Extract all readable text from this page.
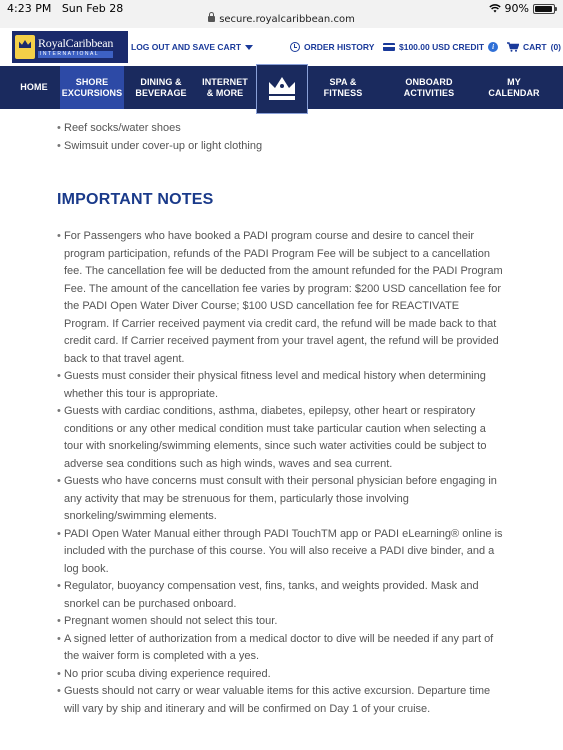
4:23 PM Sun Feb 28
secure.royalcaribbean.com
90%
RoyalCaribbean
INTERNATIONAL
LOG OUT AND SAVE CART	ORDER HISTORY	$100.00 USD CREDIT	i	CART (0)
HOME
SHORE
EXCURSIONS
DINING &
BEVERAGE
INTERNET
& MORE
SPA &
FITNESS
ONBOARD
ACTIVITIES
MY
CALENDAR
• Reef socks/water shoes
• Swimsuit under cover-up or light clothing
IMPORTANT NOTES
• For Passengers who have booked a PADI program course and desire to cancel their program participation, refunds of the PADI Program Fee will be subject to a cancellation fee. The cancellation fee will be deducted from the amount refunded for the PADI Program Fee. The amount of the cancellation fee varies by program: $200 USD cancellation fee for the PADI Open Water Diver Course; $100 USD cancellation fee for REACTIVATE Program. If Carrier received payment via credit card, the refund will be made back to that credit card. If Carrier received payment from your travel agent, the refund will be provided back to that travel agent.
• Guests must consider their physical fitness level and medical history when determining whether this tour is appropriate.
• Guests with cardiac conditions, asthma, diabetes, epilepsy, other heart or respiratory conditions or any other medical condition must take particular caution when selecting a tour with snorkeling/swimming elements, since such water activities could be subject to adverse sea conditions such as high winds, waves and sea current.
• Guests who have concerns must consult with their personal physician before engaging in any activity that may be strenuous for them, particularly those involving snorkeling/swimming elements.
• PADI Open Water Manual either through PADI TouchTM app or PADI eLearning® online is included with the purchase of this course. You will also receive a PADI dive binder, and a log book.
• Regulator, buoyancy compensation vest, fins, tanks, and weights provided. Mask and snorkel can be purchased onboard.
• Pregnant women should not select this tour.
• A signed letter of authorization from a medical doctor to dive will be needed if any part of the waiver form is completed with a yes.
• No prior scuba diving experience required.
• Guests should not carry or wear valuable items for this active excursion. Departure time will vary by ship and itinerary and will be confirmed on Day 1 of your cruise.
